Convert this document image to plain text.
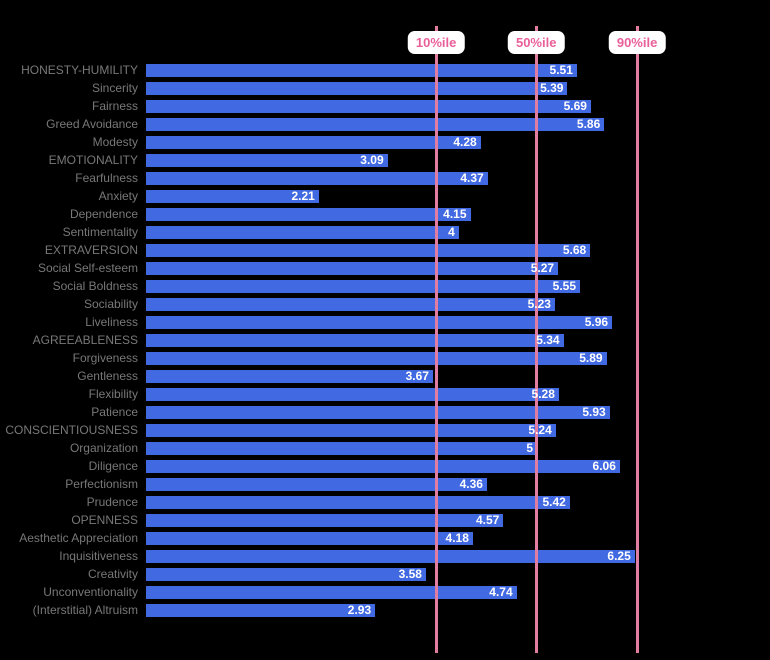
10%ile	50%ile	90%ile
HONESTY-HUMILITY	5.51
Sincerity	5.39
Fairness	5.69
Greed Avoidance	5.86
Modesty	4.28
EMOTIONALITY	3.09
Fearfulness	4.37
Anxiety	2.21
Dependence	4.15
Sentimentality	4
EXTRAVERSION	5.68
Social Self-esteem	5.27
Social Boldness	5.55
Sociability	5.23
Liveliness	5.96
AGREEABLENESS	5.34
Forgiveness	5.89
Gentleness	3.67
Flexibility	5.28
Patience	5.93
CONSCIENTIOUSNESS	5.24
Organization	5
Diligence	6.06
Perfectionism	4.36
Prudence	5.42
OPENNESS	4.57
Aesthetic Appreciation	4.18
Inquisitiveness	6.25
Creativity	3.58
Unconventionality	4.74
(Interstitial) Altruism	2.93
